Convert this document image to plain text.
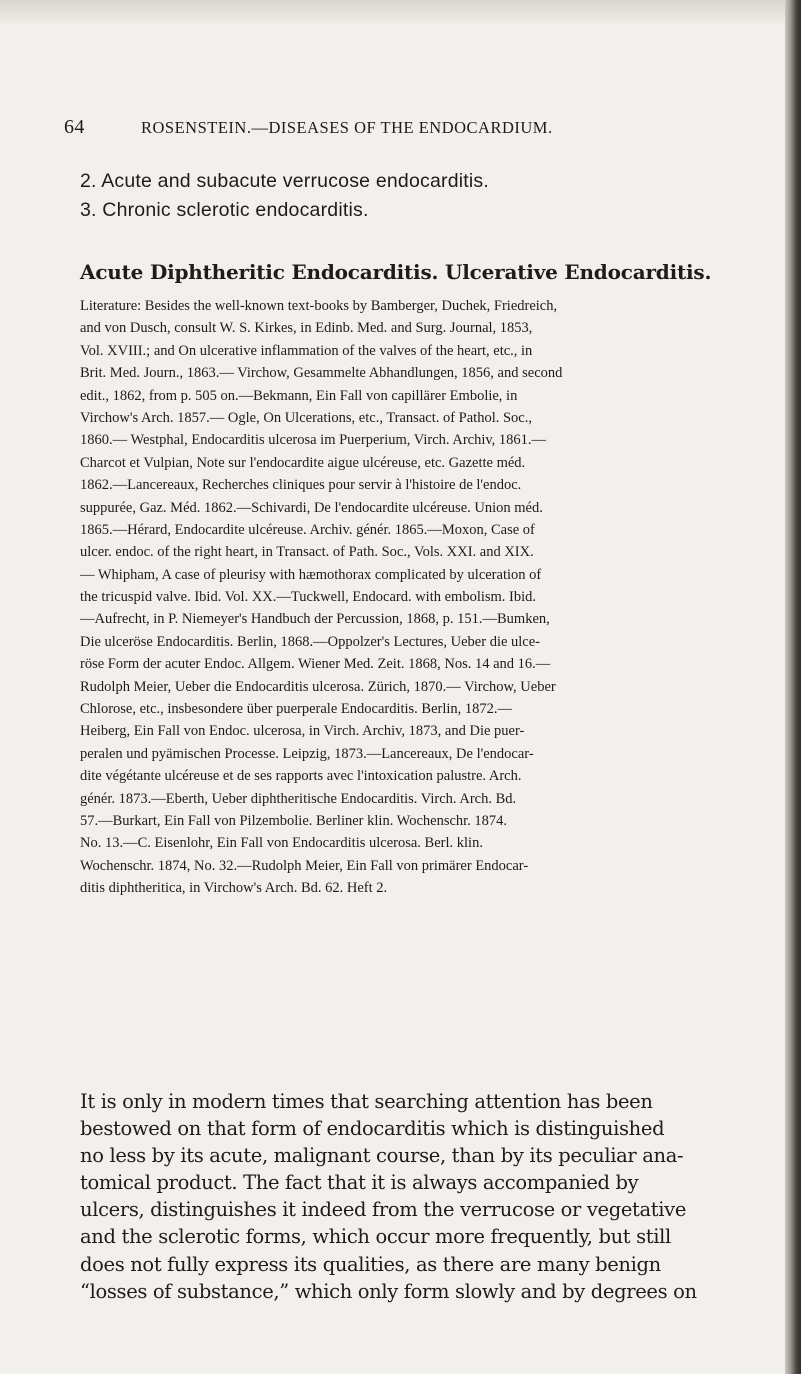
64	ROSENSTEIN.—DISEASES OF THE ENDOCARDIUM.
2. Acute and subacute verrucose endocarditis.
3. Chronic sclerotic endocarditis.
Acute Diphtheritic Endocarditis. Ulcerative Endocarditis.
Literature: Besides the well-known text-books by Bamberger, Duchek, Friedreich,
and von Dusch, consult W. S. Kirkes, in Edinb. Med. and Surg. Journal, 1853,
Vol. XVIII.; and On ulcerative inflammation of the valves of the heart, etc., in
Brit. Med. Journ., 1863.— Virchow, Gesammelte Abhandlungen, 1856, and second
edit., 1862, from p. 505 on.—Bekmann, Ein Fall von capillärer Embolie, in
Virchow's Arch. 1857.— Ogle, On Ulcerations, etc., Transact. of Pathol. Soc.,
1860.— Westphal, Endocarditis ulcerosa im Puerperium, Virch. Archiv, 1861.—
Charcot et Vulpian, Note sur l'endocardite aigue ulcéreuse, etc. Gazette méd.
1862.—Lancereaux, Recherches cliniques pour servir à l'histoire de l'endoc.
suppurée, Gaz. Méd. 1862.—Schivardi, De l'endocardite ulcéreuse. Union méd.
1865.—Hérard, Endocardite ulcéreuse. Archiv. génér. 1865.—Moxon, Case of
ulcer. endoc. of the right heart, in Transact. of Path. Soc., Vols. XXI. and XIX.
— Whipham, A case of pleurisy with hæmothorax complicated by ulceration of
the tricuspid valve. Ibid. Vol. XX.—Tuckwell, Endocard. with embolism. Ibid.
—Aufrecht, in P. Niemeyer's Handbuch der Percussion, 1868, p. 151.—Bumken,
Die ulceröse Endocarditis. Berlin, 1868.—Oppolzer's Lectures, Ueber die ulce-
röse Form der acuter Endoc. Allgem. Wiener Med. Zeit. 1868, Nos. 14 and 16.—
Rudolph Meier, Ueber die Endocarditis ulcerosa. Zürich, 1870.— Virchow, Ueber
Chlorose, etc., insbesondere über puerperale Endocarditis. Berlin, 1872.—
Heiberg, Ein Fall von Endoc. ulcerosa, in Virch. Archiv, 1873, and Die puer-
peralen und pyämischen Processe. Leipzig, 1873.—Lancereaux, De l'endocar-
dite végétante ulcéreuse et de ses rapports avec l'intoxication palustre. Arch.
génér. 1873.—Eberth, Ueber diphtheritische Endocarditis. Virch. Arch. Bd.
57.—Burkart, Ein Fall von Pilzembolie. Berliner klin. Wochenschr. 1874.
No. 13.—C. Eisenlohr, Ein Fall von Endocarditis ulcerosa. Berl. klin.
Wochenschr. 1874, No. 32.—Rudolph Meier, Ein Fall von primärer Endocar-
ditis diphtheritica, in Virchow's Arch. Bd. 62. Heft 2.
It is only in modern times that searching attention has been
bestowed on that form of endocarditis which is distinguished
no less by its acute, malignant course, than by its peculiar ana-
tomical product. The fact that it is always accompanied by
ulcers, distinguishes it indeed from the verrucose or vegetative
and the sclerotic forms, which occur more frequently, but still
does not fully express its qualities, as there are many benign
“losses of substance,” which only form slowly and by degrees on
